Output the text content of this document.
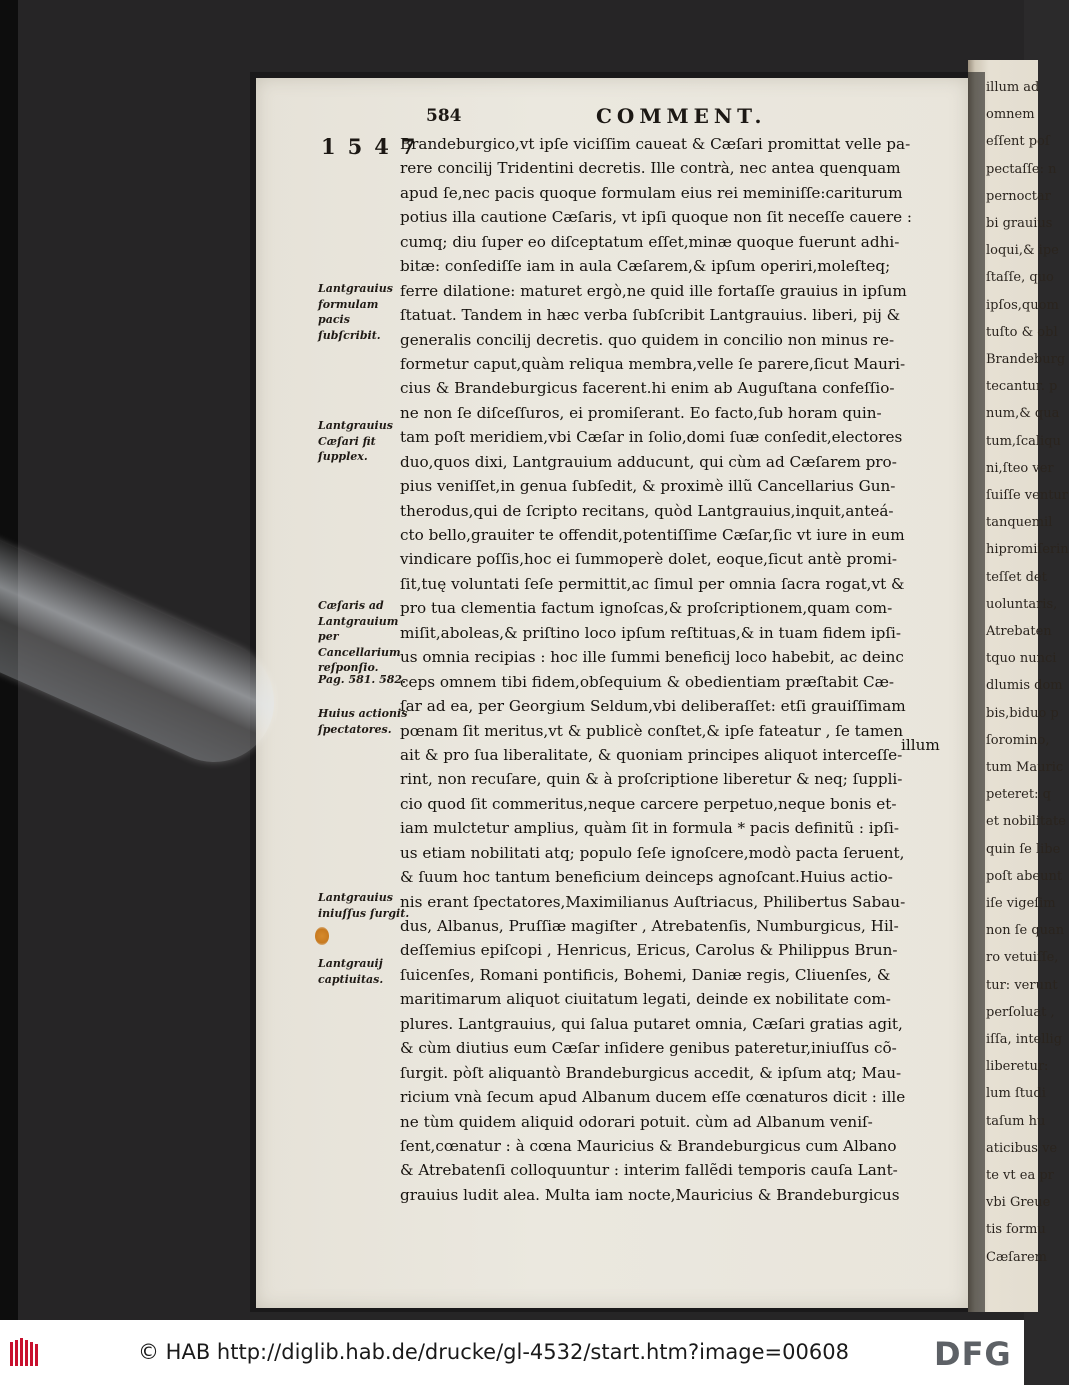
illum ad
omnem
eſſent poſ
pectaſſe: n
pernoctar
bi grauius
loqui,& ipe
ſtaſſe, quo
ipſos,quom
tuſto & obl
Brandeburg
tecantur. p
num,& qua
tum,ſcaliqu
ni,ſteo ver
ſuiſſe ventur
tanquemil
hipromiſerin
teſſet det
uoluntaris,
Atrebaten
tquo nunci
dlumis dom
bis,biduo p
ſoromino,
tum Mauric
peteret: q
et nobilitate
quin ſe libe
poſt abeunt
iſe vigeſim
non ſe quan
ro vetuiſſe,
tur: verunt
perſoluat ,
iſſa, intellig
liberetur:
lum ſtudi
taſum hu
aticibus ve
te vt ea pr
vbi Greue
tis formu
Cæſarem
584	COMMENT.
1547
Brandeburgico,vt ipſe viciſſim caueat & Cæſari promittat velle pa-
rere concilij Tridentini decretis. Ille contrà, nec antea quenquam
apud ſe,nec pacis quoque formulam eius rei meminiſſe:cariturum
potius illa cautione Cæſaris, vt ipſi quoque non ſit neceſſe cauere :
cumq; diu ſuper eo diſceptatum eſſet,minæ quoque fuerunt adhi-
bitæ: conſediſſe iam in aula Cæſarem,& ipſum operiri,moleſteq;
ferre dilatione: maturet ergò,ne quid ille fortaſſe grauius in ipſum
ſtatuat. Tandem in hæc verba ſubſcribit Lantgrauius. liberi, pij &
generalis concilij decretis. quo quidem in concilio non minus re-
formetur caput,quàm reliqua membra,velle ſe parere,ſicut Mauri-
cius & Brandeburgicus facerent.hi enim ab Auguſtana confeſſio-
ne non ſe diſceſſuros, ei promiſerant. Eo facto,ſub horam quin-
tam poſt meridiem,vbi Cæſar in ſolio,domi ſuæ conſedit,electores
duo,quos dixi, Lantgrauium adducunt, qui cùm ad Cæſarem pro-
pius veniſſet,in genua ſubſedit, & proximè illũ Cancellarius Gun-
therodus,qui de ſcripto recitans, quòd Lantgrauius,inquit,anteá-
cto bello,grauiter te offendit,potentiſſime Cæſar,ſic vt iure in eum
vindicare poſſis,hoc ei ſummoperè dolet, eoque,ſicut antè promi-
ſit,tuę voluntati ſeſe permittit,ac ſimul per omnia ſacra rogat,vt &
pro tua clementia factum ignoſcas,& proſcriptionem,quam com-
miſit,aboleas,& priſtino loco ipſum reſtituas,& in tuam fidem ipſi-
us omnia recipias : hoc ille ſummi beneficij loco habebit, ac deinc
ceps omnem tibi fidem,obſequium & obedientiam præſtabit Cæ-
ſar ad ea, per Georgium Seldum,vbi deliberaſſet: etſi grauiſſimam
pœnam ſit meritus,vt & publicè conſtet,& ipſe fateatur , ſe tamen
ait & pro ſua liberalitate, & quoniam principes aliquot interceſſe-
rint, non recuſare, quin & à proſcriptione liberetur & neq; ſuppli-
cio quod ſit commeritus,neque carcere perpetuo,neque bonis et-
iam mulctetur amplius, quàm ſit in formula * pacis definitũ : ipſi-
us etiam nobilitati atq; populo ſeſe ignoſcere,modò pacta ſeruent,
& ſuum hoc tantum beneficium deinceps agnoſcant.Huius actio-
nis erant ſpectatores,Maximilianus Auſtriacus, Philibertus Sabau-
dus, Albanus, Pruſſiæ magiſter , Atrebatenſis, Numburgicus, Hil-
deſſemius epiſcopi , Henricus, Ericus, Carolus & Philippus Brun-
ſuicenſes, Romani pontificis, Bohemi, Daniæ regis, Cliuenſes, &
maritimarum aliquot ciuitatum legati, deinde ex nobilitate com-
plures. Lantgrauius, qui ſalua putaret omnia, Cæſari gratias agit,
& cùm diutius eum Cæſar inſidere genibus pateretur,iniuſſus cõ-
ſurgit. pòſt aliquantò Brandeburgicus accedit, & ipſum atq; Mau-
ricium vnà ſecum apud Albanum ducem eſſe cœnaturos dicit : ille
ne tùm quidem aliquid odorari potuit. cùm ad Albanum veniſ-
ſent,cœnatur : à cœna Mauricius & Brandeburgicus cum Albano
& Atrebatenſi colloquuntur : interim fallẽdi temporis cauſa Lant-
grauius ludit alea. Multa iam nocte,Mauricius & Brandeburgicus
illum
Lantgrauius formulam pacis ſubſcribit.
Lantgrauius Cæſari fit ſupplex.
Cæſaris ad Lantgrauium per Cancellarium reſponſio.
Pag. 581. 582.
Huius actionis ſpectatores.
Lantgrauius iniuſſus ſurgit.
Lantgrauij captiuitas.
© HAB http://diglib.hab.de/drucke/gl-4532/start.htm?image=00608	DFG
